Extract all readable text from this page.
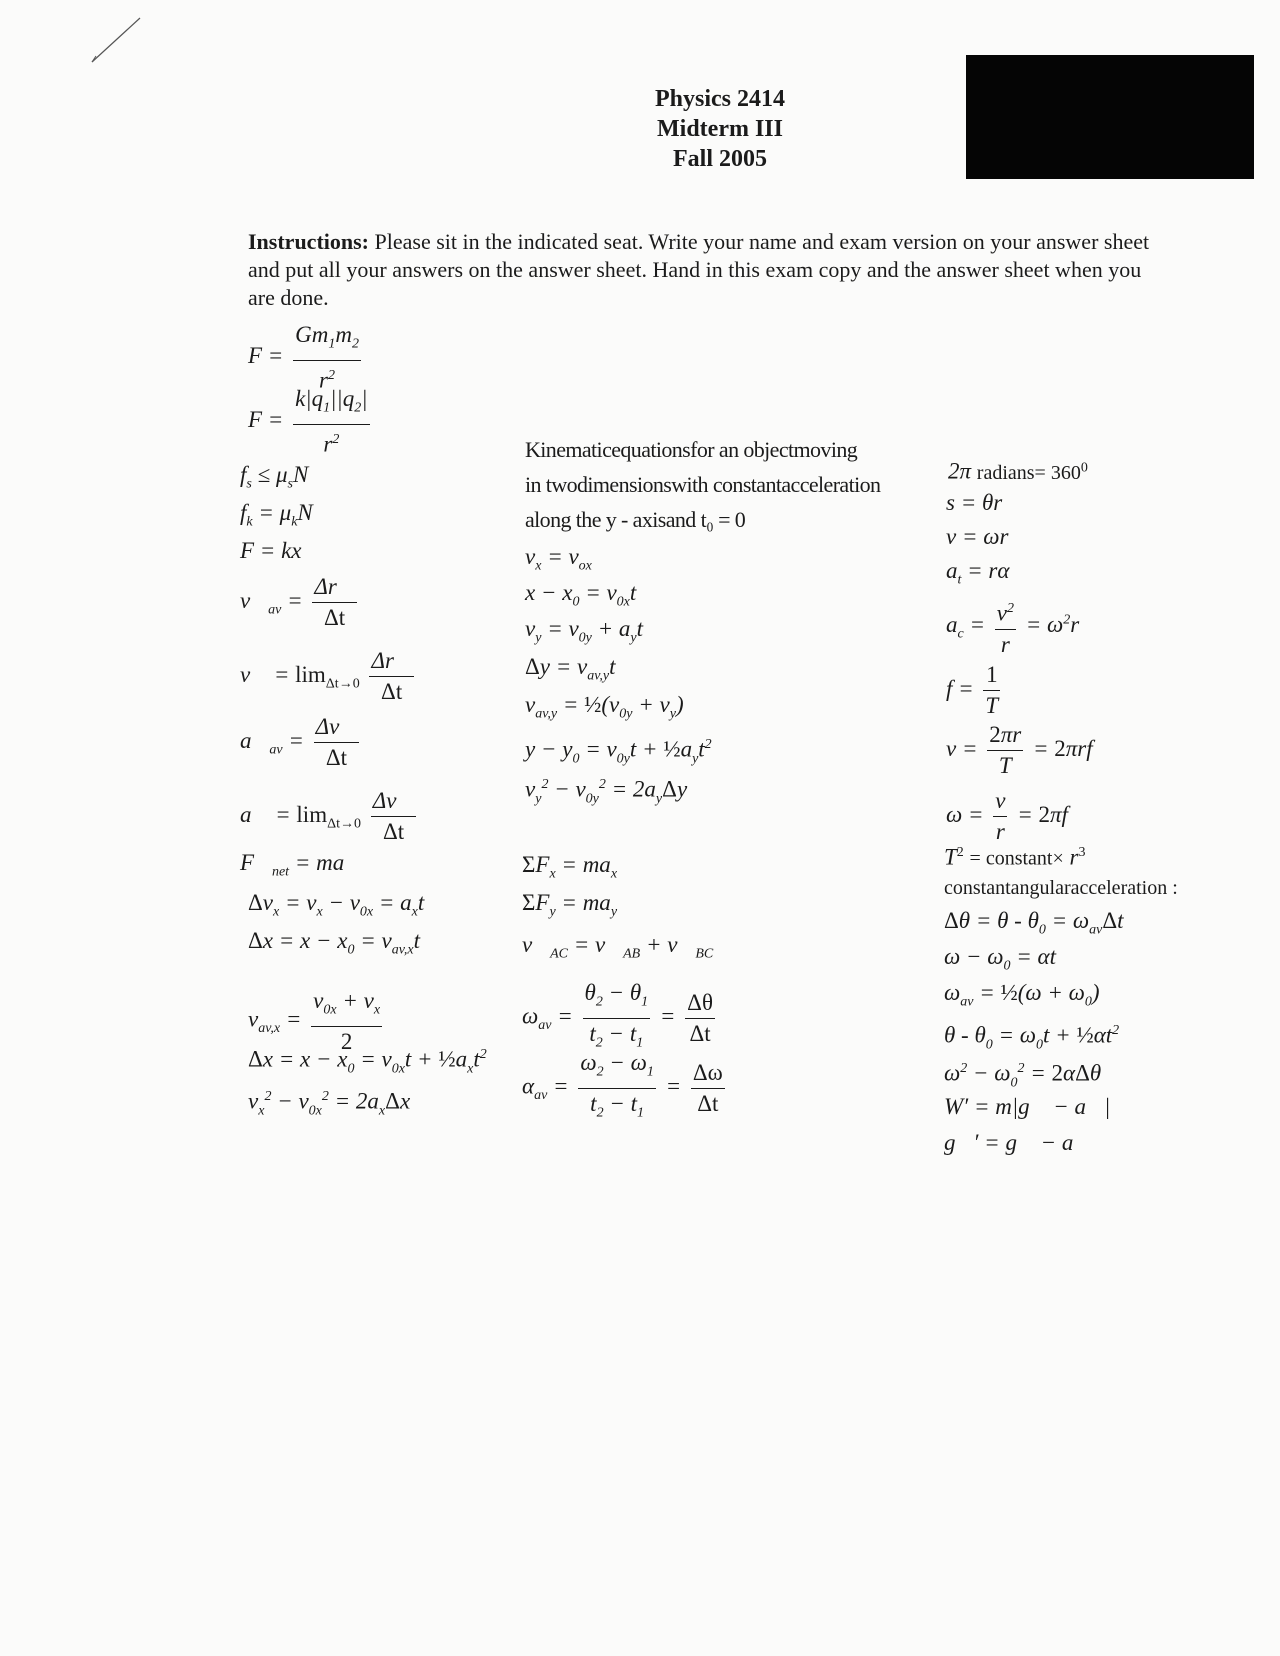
Physics 2414
Midterm III
Fall 2005
Instructions: Please sit in the indicated seat. Write your name and exam version on your answer sheet and put all your answers on the answer sheet. Hand in this exam copy and the answer sheet when you are done.
$F = \frac{Gm_1m_2}{r^2}$
$F = \frac{k|q_1||q_2|}{r^2}$
$f_s \le \mu_sN$
$f_k = \mu_kN$
F = kx
$v⃗_{av} = \frac{\Delta r⃗}{\Delta t}$
v⃗ = $\lim_{\Delta t\to 0} \frac{\Delta r⃗}{\Delta t}$
$a⃗_{av} = \frac{\Delta v⃗}{\Delta t}$
a⃗ = $\lim_{\Delta t\to 0} \frac{\Delta v⃗}{\Delta t}$
$F⃗_{net}$ = ma⃗
$\Delta v_x = v_x - v_{0x} = a_xt$
$\Delta x = x - x_0 = v_{av,x}t$
$v_{av,x} = \frac{v_{0x} + v_x}{2}$
$\Delta x = x - x_0 = v_{0x}t$ + $\frac{1}{2}a_xt^2$
$v_x^2 - v_{0x}^2 = 2a_x\Delta x$
Kinematicequationsfor an objectmoving
in twodimensionswith constantacceleration
along the y - axisand t₀ = 0
$v_x = v_{ox}$
$x - x_0 = v_{0x}t$
$v_y = v_{0y} + a_yt$
$\Delta y = v_{av,y}t$
$v_{av,y}$ = $\frac{1}{2}(v_{0y} + v_y)$
$y - y_0 = v_{0y}t$ + $\frac{1}{2}a_yt^2$
$v_y^2 - v_{0y}^2 = 2a_y\Delta y$
$\Sigma F_x = ma_x$
$\Sigma F_y = ma_y$
$v⃗_{AC}$ = $v⃗_{AB}$ + $v⃗_{BC}$
$\omega_{av} = \frac{\theta_2 - \theta_1}{t_2 - t_1} = \frac{\Delta\theta}{\Delta t}$
$\alpha_{av} = \frac{\omega_2 - \omega_1}{t_2 - t_1} = \frac{\Delta\omega}{\Delta t}$
2π radians= $360^0$
s = θr
v = ωr
$a_t = r\alpha$
$a_c = \frac{v^2}{r} = \omega^2r$
$f = \frac{1}{T}$
$v = \frac{2\pi r}{T} = 2\pi rf$
$\omega = \frac{v}{r} = 2\pi f$
$T^2$ = constant× $r^3$
constantangularacceleration :
$\Delta\theta = \theta - \theta_0 = \omega_{av}\Delta t$
$\omega - \omega_0 = \alpha t$
$\omega_{av}$ = ½(ω + $\omega_0$)
$\theta - \theta_0 = \omega_0t$ + $\frac{1}{2}\alpha t^2$
$\omega^2 - \omega_0^2 = 2\alpha\Delta\theta$
W′ = m|g⃗ − a⃗|
g⃗′ = g⃗ − a⃗
